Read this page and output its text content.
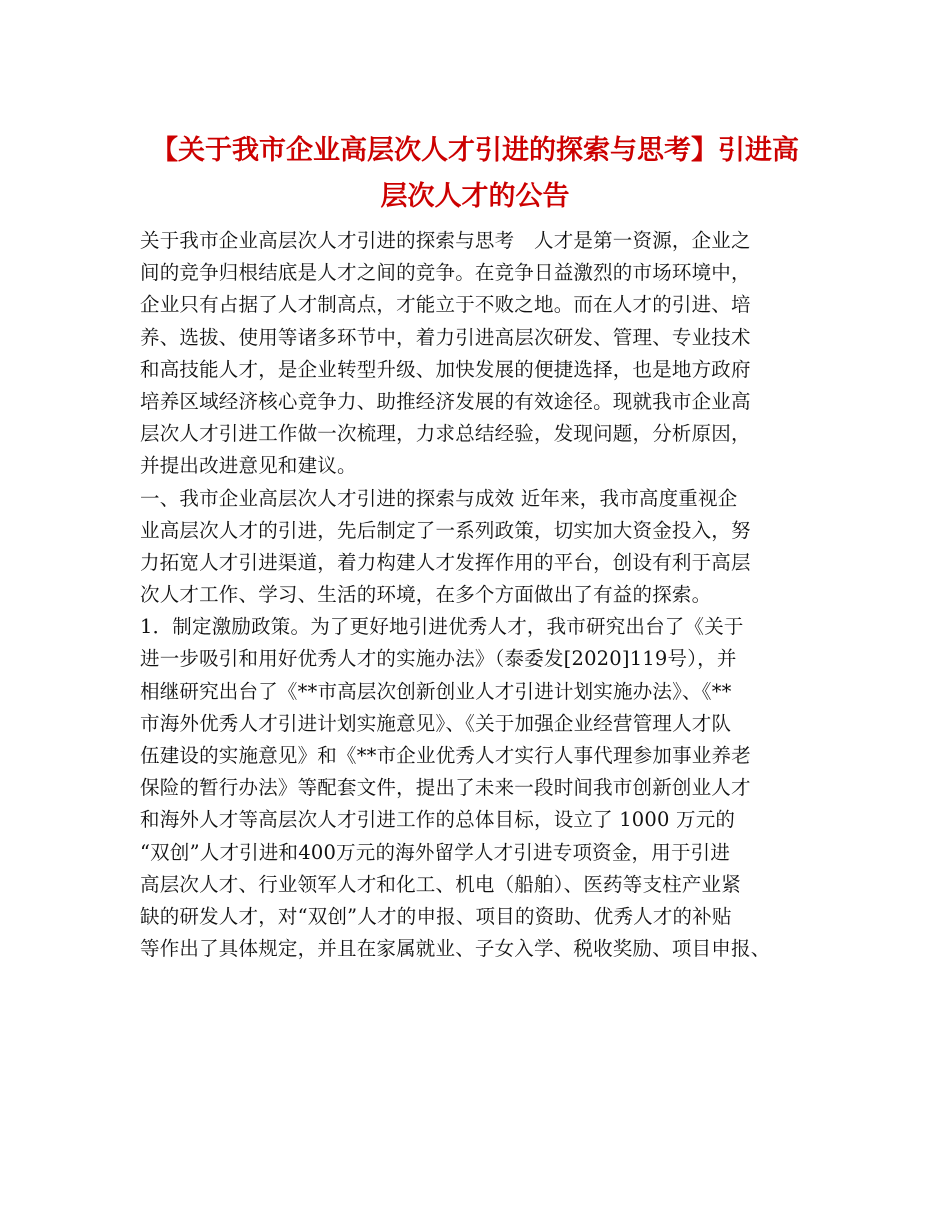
【关于我市企业高层次人才引进的探索与思考】引进高
层次人才的公告
关于我市企业高层次人才引进的探索与思考　人才是第一资源，企业之
间的竞争归根结底是人才之间的竞争。在竞争日益激烈的市场环境中，
企业只有占据了人才制高点，才能立于不败之地。而在人才的引进、培
养、选拔、使用等诸多环节中，着力引进高层次研发、管理、专业技术
和高技能人才，是企业转型升级、加快发展的便捷选择，也是地方政府
培养区域经济核心竞争力、助推经济发展的有效途径。现就我市企业高
层次人才引进工作做一次梳理，力求总结经验，发现问题，分析原因，
并提出改进意见和建议。
一、我市企业高层次人才引进的探索与成效 近年来，我市高度重视企
业高层次人才的引进，先后制定了一系列政策，切实加大资金投入，努
力拓宽人才引进渠道，着力构建人才发挥作用的平台，创设有利于高层
次人才工作、学习、生活的环境，在多个方面做出了有益的探索。
1．制定激励政策。为了更好地引进优秀人才，我市研究出台了《关于
进一步吸引和用好优秀人才的实施办法》（泰委发[2020]119号），并
相继研究出台了《**市高层次创新创业人才引进计划实施办法》、《**
市海外优秀人才引进计划实施意见》、《关于加强企业经营管理人才队
伍建设的实施意见》和《**市企业优秀人才实行人事代理参加事业养老
保险的暂行办法》等配套文件，提出了未来一段时间我市创新创业人才
和海外人才等高层次人才引进工作的总体目标，设立了 1000 万元的
“双创”人才引进和400万元的海外留学人才引进专项资金，用于引进
高层次人才、行业领军人才和化工、机电（船舶）、医药等支柱产业紧
缺的研发人才，对“双创”人才的申报、项目的资助、优秀人才的补贴
等作出了具体规定，并且在家属就业、子女入学、税收奖励、项目申报、
